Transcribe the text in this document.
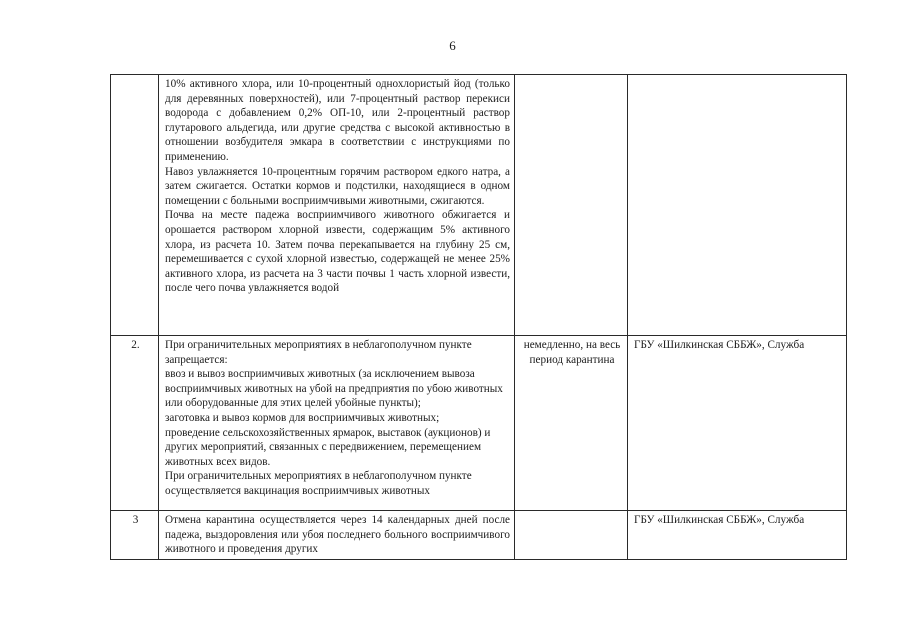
6

	10% активного хлора, или 10-процентный однохлористый йод (только для деревянных поверхностей), или 7-процентный раствор перекиси водорода с добавлением 0,2% ОП-10, или 2-процентный раствор глутарового альдегида, или другие средства с высокой активностью в отношении возбудителя эмкара в соответствии с инструкциями по применению.
Навоз увлажняется 10-процентным горячим раствором едкого натра, а затем сжигается. Остатки кормов и подстилки, находящиеся в одном помещении с больными восприимчивыми животными, сжигаются.
Почва на месте падежа восприимчивого животного обжигается и орошается раствором хлорной извести, содержащим 5% активного хлора, из расчета 10. Затем почва перекапывается на глубину 25 см, перемешивается с сухой хлорной известью, содержащей не менее 25% активного хлора, из расчета на 3 части почвы 1 часть хлорной извести, после чего почва увлажняется водой		

2.	При ограничительных мероприятиях в неблагополучном пункте запрещается:
ввоз и вывоз восприимчивых животных (за исключением вывоза восприимчивых животных на убой на предприятия по убою животных или оборудованные для этих целей убойные пункты);
заготовка и вывоз кормов для восприимчивых животных;
проведение сельскохозяйственных ярмарок, выставок (аукционов) и других мероприятий, связанных с передвижением, перемещением животных всех видов.
При ограничительных мероприятиях в неблагополучном пункте осуществляется вакцинация восприимчивых животных	немедленно, на весь период карантина	ГБУ «Шилкинская СББЖ», Служба
3	Отмена карантина осуществляется через 14 календарных дней после падежа, выздоровления или убоя последнего больного восприимчивого животного и проведения других		ГБУ «Шилкинская СББЖ», Служба
